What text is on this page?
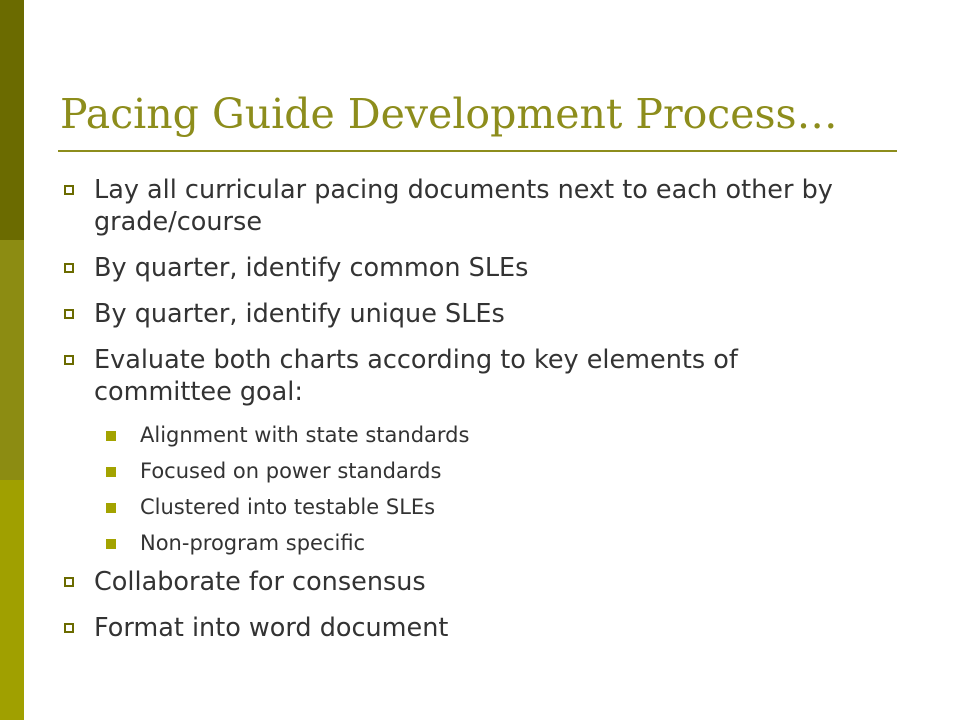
Pacing Guide Development Process…
Lay all curricular pacing documents next to each other by grade/course
By quarter, identify common SLEs
By quarter, identify unique SLEs
Evaluate both charts according to key elements of committee goal:
Alignment with state standards
Focused on power standards
Clustered into testable SLEs
Non-program specific
Collaborate for consensus
Format into word document
